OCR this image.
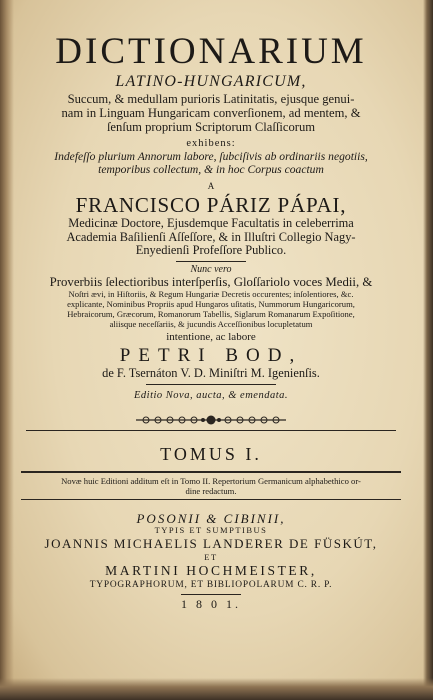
DICTIONARIUM
LATINO-HUNGARICUM,
Succum, & medullam purioris Latinitatis, ejusque genui-
nam in Linguam Hungaricam converſionem, ad mentem, &
ſenſum proprium Scriptorum Claſſicorum
exhibens:
Indefeſſo plurium Annorum labore, ſubciſivis ab ordinariis negotiis,
temporibus collectum, & in hoc Corpus coactum
A
FRANCISCO PÁRIZ PÁPAI,
Medicinæ Doctore, Ejusdemque Facultatis in celeberrima
Academia Baſilienſi Aſſeſſore, & in Illuſtri Collegio Nagy-
Enyedienſi Profeſſore Publico.
Nunc vero
Proverbiis ſelectioribus interſperſis, Gloſſariolo voces Medii, &
Noſtri ævi, in Hiſtoriis, & Regum Hungariæ Decretis occurentes; inſolentiores, &c.
explicante, Nominibus Propriis apud Hungaros uſitatis, Nummorum Hungaricorum,
Hebraicorum, Græcorum, Romanorum Tabellis, Siglarum Romanarum Expoſitione,
aliisque neceſſariis, & jucundis Acceſſionibus locupletatum
intentione, ac labore
PETRI BOD,
de F. Tsernáton V. D. Miniſtri M. Igenienſis.
Editio Nova, aucta, & emendata.
TOMUS I.
Novæ huic Editioni additum eſt in Tomo II. Repertorium Germanicum alphabethico or-
dine redactum.
POSONII & CIBINII,
TYPIS ET SUMPTIBUS
JOANNIS MICHAELIS LANDERER DE FÜSKÚT,
ET
MARTINI HOCHMEISTER,
TYPOGRAPHORUM, ET BIBLIOPOLARUM C. R. P.
1 8 0 1.
